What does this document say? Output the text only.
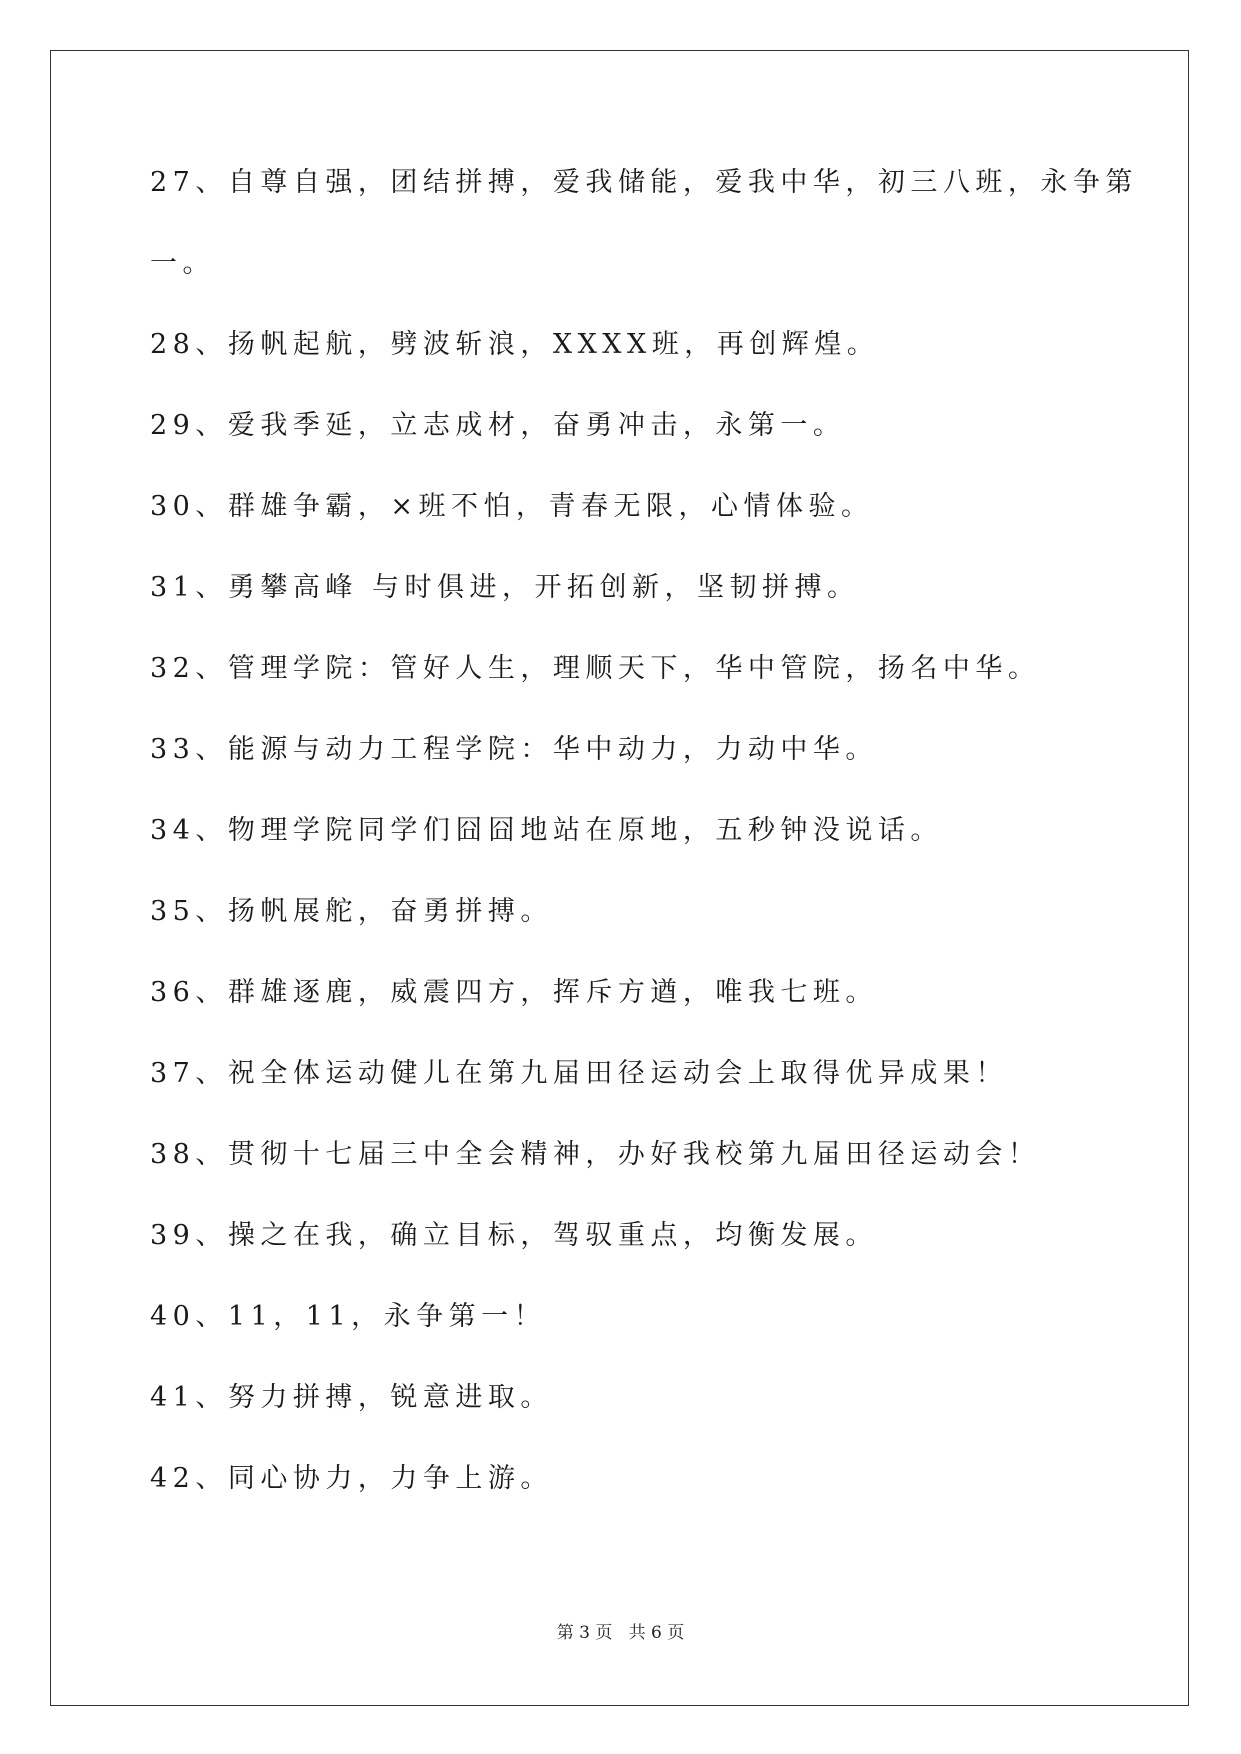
27、自尊自强，团结拼搏，爱我储能，爱我中华，初三八班，永争第
一。
28、扬帆起航，劈波斩浪，XXXX班，再创辉煌。
29、爱我季延，立志成材，奋勇冲击，永第一。
30、群雄争霸，×班不怕，青春无限，心情体验。
31、勇攀高峰 与时俱进，开拓创新，坚韧拼搏。
32、管理学院：管好人生，理顺天下，华中管院，扬名中华。
33、能源与动力工程学院：华中动力，力动中华。
34、物理学院同学们囧囧地站在原地，五秒钟没说话。
35、扬帆展舵，奋勇拼搏。
36、群雄逐鹿，威震四方，挥斥方遒，唯我七班。
37、祝全体运动健儿在第九届田径运动会上取得优异成果！
38、贯彻十七届三中全会精神，办好我校第九届田径运动会！
39、操之在我，确立目标，驾驭重点，均衡发展。
40、11，11，永争第一！
41、努力拼搏，锐意进取。
42、同心协力，力争上游。
第 3 页   共 6 页
